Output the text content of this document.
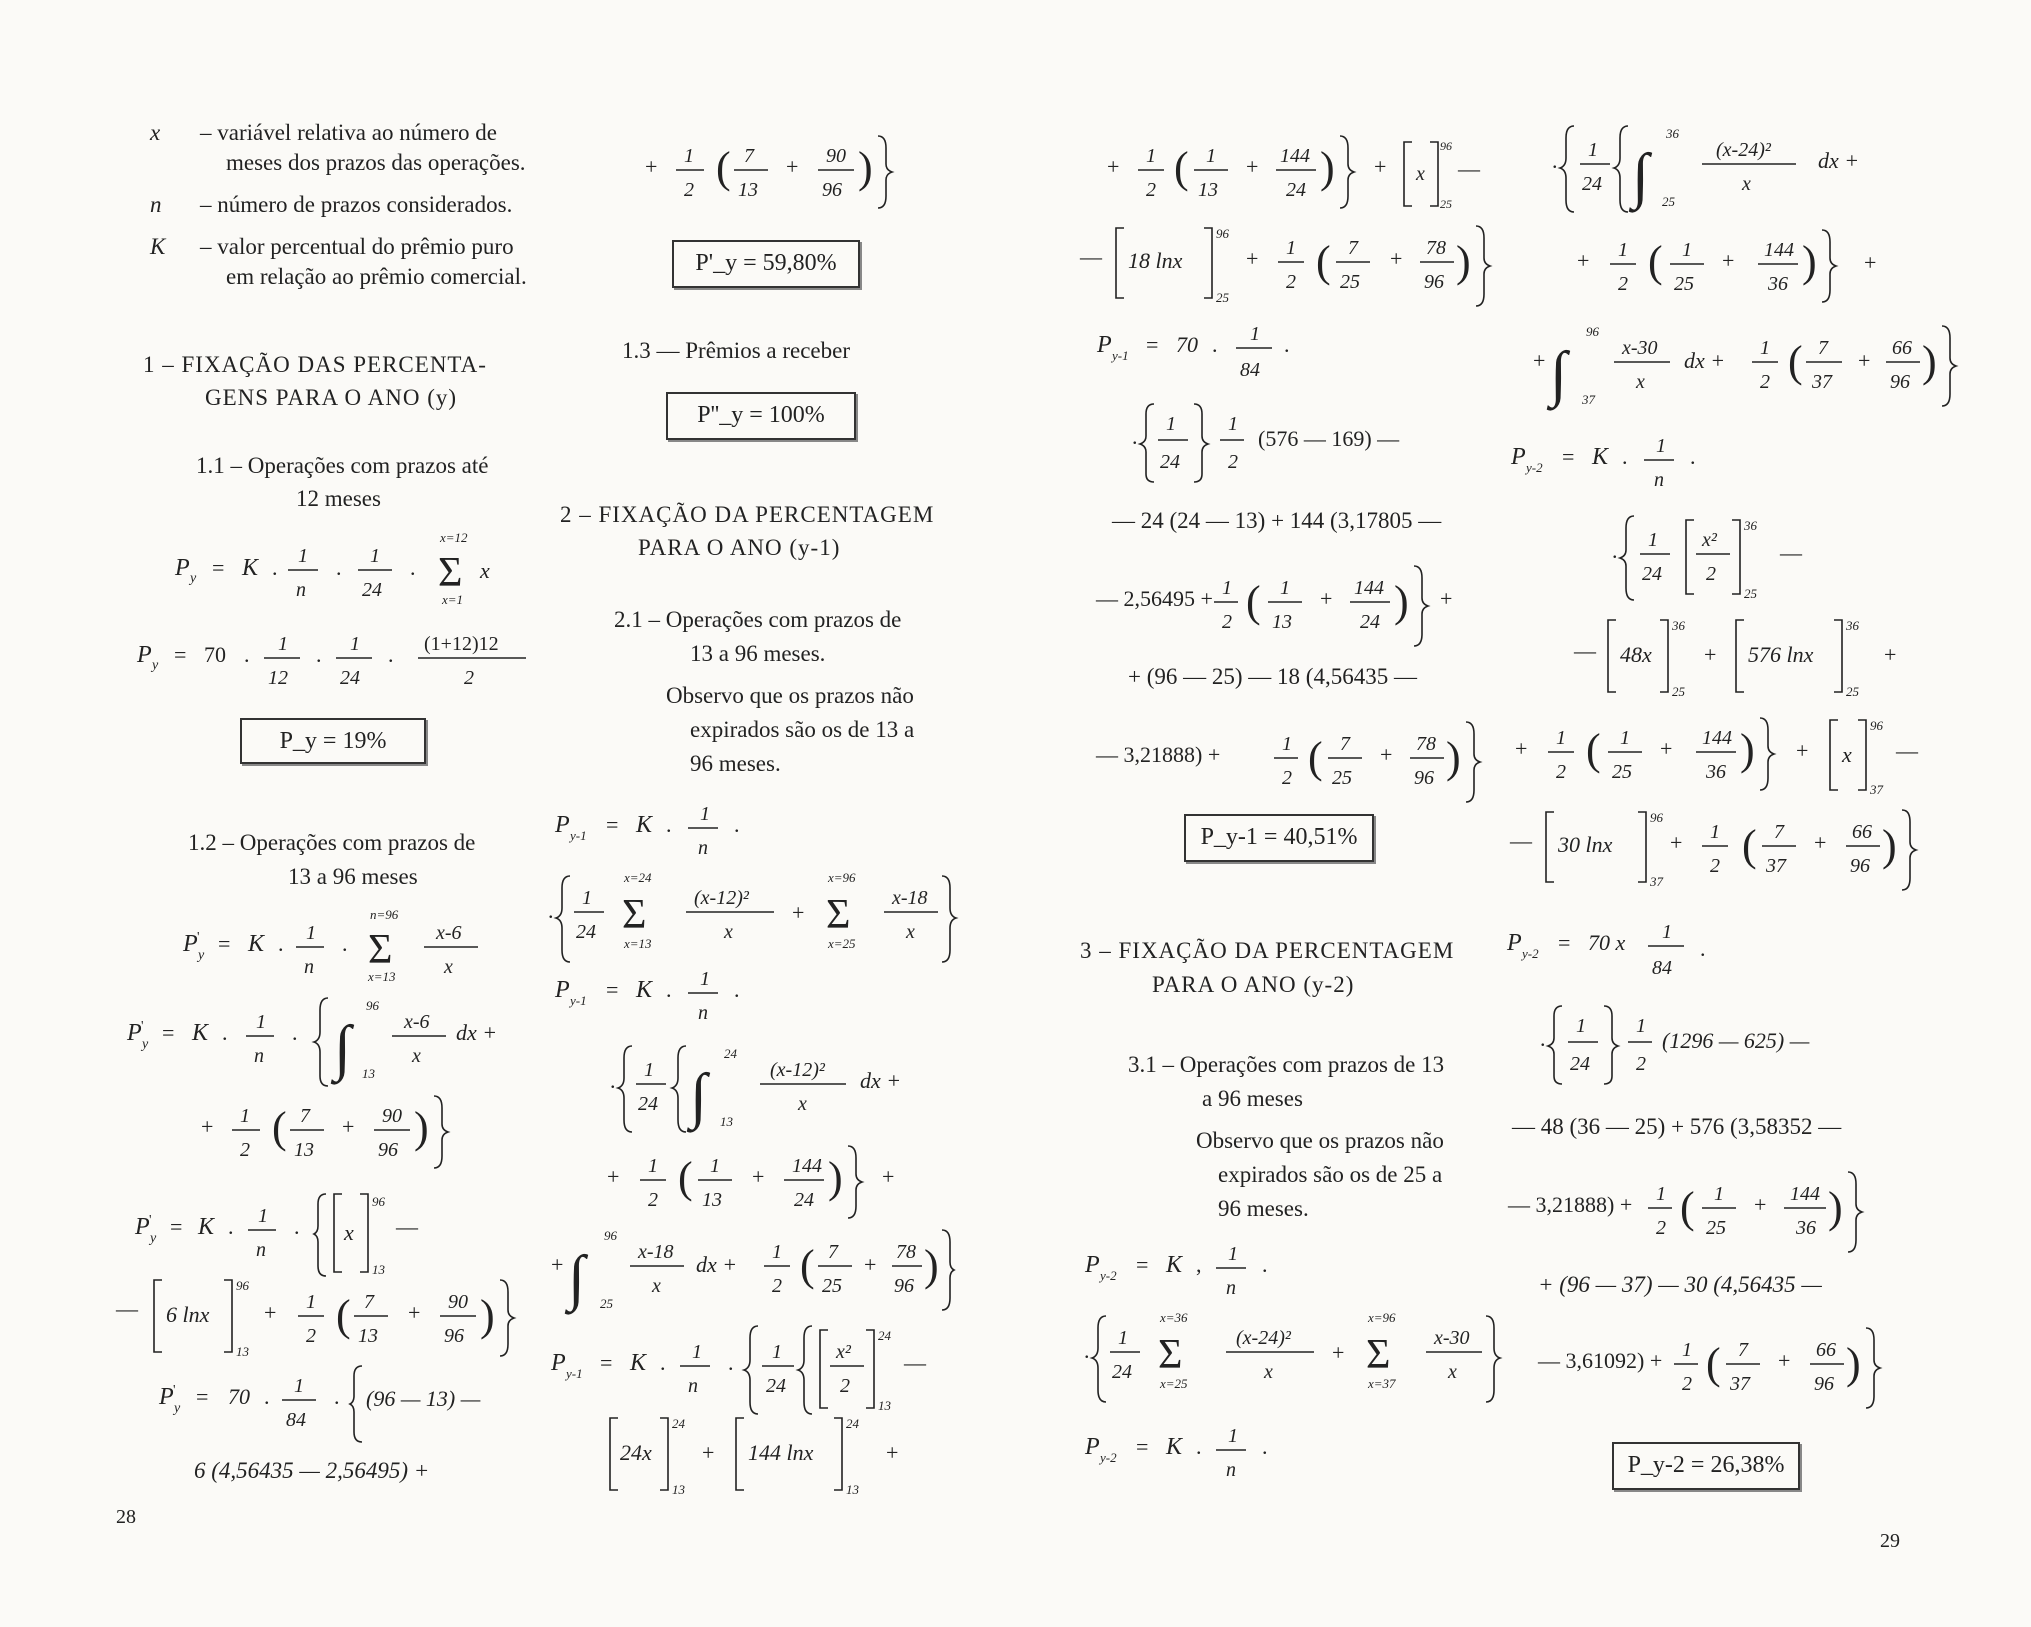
x – variável relativa ao número de
meses dos prazos das operações.
n – número de prazos considerados.
K – valor percentual do prêmio puro
em relação ao prêmio comercial.
1 – FIXAÇÃO DAS PERCENTA-
GENS PARA O ANO (y)
1.1 – Operações com prazos até
12 meses
P y = K . 1
n
. 1
24
.
x=12
Σ
x=1
x
P y = 70 . 1
12
. 1
24
. (1+12)12
2
P_y = 19%
1.2 – Operações com prazos de
13 a 96 meses
P '
y = K . 1
n
.
n=96
Σ
x=13
x-6
x
P '
y = K . 1
n
. ∫
96
13
x-6
x
dx +
+ 1
2 ( 7
13
+ 90
96 )
P '
y = K . 1
n
. x
96
13
—
— 6 lnx
96
13
+ 1
2 ( 7
13
+ 90
96 )
P '
y = 70 . 1
84
. (96 — 13) —
6 (4,56435 — 2,56495) +
+ 1
2 ( 7
13
+ 90
96 )
P'_y = 59,80%
1.3 — Prêmios a receber
P''_y = 100%
2 – FIXAÇÃO DA PERCENTAGEM
PARA O ANO (y-1)
2.1 – Operações com prazos de
13 a 96 meses.
Observo que os prazos não
expirados são os de 13 a
96 meses.
P y-1 = K . 1
n
.
. 1
24
x=24
Σ
x=13
(x-12)²
x
+
x=96
Σ
x=25
x-18
x
P y-1 = K . 1
n
.
. 1
24 ∫
24
13
(x-12)²
x
dx +
+ 1
2 ( 1
13
+ 144
24 ) +
+ ∫
96
25
x-18
x
dx + 1
2 ( 7
25
+ 78
96 )
P y-1 = K . 1
n
. 1
24
x²
2
24
13
—
24x
24
13
+ 144 lnx
24
13
+
28
+ 1
2 ( 1
13
+ 144
24 ) + x
96
25
—
— 18 lnx
96
25
+ 1
2 ( 7
25
+ 78
96 )
P y-1 = 70 . 1
84
.
. 1
24
1
2
(576 — 169) —
— 24 (24 — 13) + 144 (3,17805 —
— 2,56495 + 1
2 ( 1
13
+ 144
24 ) +
+ (96 — 25) — 18 (4,56435 —
— 3,21888) +	1
2 ( 7
25
+ 78
96 )
P_y-1 = 40,51%
3 – FIXAÇÃO DA PERCENTAGEM
PARA O ANO (y-2)
3.1 – Operações com prazos de 13
a 96 meses
Observo que os prazos não
expirados são os de 25 a
96 meses.
P y-2 = K , 1
n
.
. 1
24
x=36
Σ
x=25
(x-24)²
x
+
x=96
Σ
x=37
x-30
x
P y-2 = K . 1
n
.
. 1
24 ∫
36
25
(x-24)²
x
dx +
+ 1
2 ( 1
25
+ 144
36 ) +
+ ∫
96
37
x-30
x
dx + 1
2 ( 7
37
+ 66
96 )
P y-2 = K . 1
n
.
. 1
24
x²
2
36
25
—
— 48x
36
25
+ 576 lnx
36
25
+
+ 1
2 ( 1
25
+ 144
36 ) + x
96
37
—
— 30 lnx
96
37
+ 1
2 ( 7
37
+ 66
96 )
P y-2 = 70 x 1
84
.
. 1
24
1
2
(1296 — 625) —
— 48 (36 — 25) + 576 (3,58352 —
— 3,21888) + 1
2 ( 1
25
+ 144
36 )
+ (96 — 37) — 30 (4,56435 —
— 3,61092) + 1
2 ( 7
37
+ 66
96 )
P_y-2 = 26,38%
29
